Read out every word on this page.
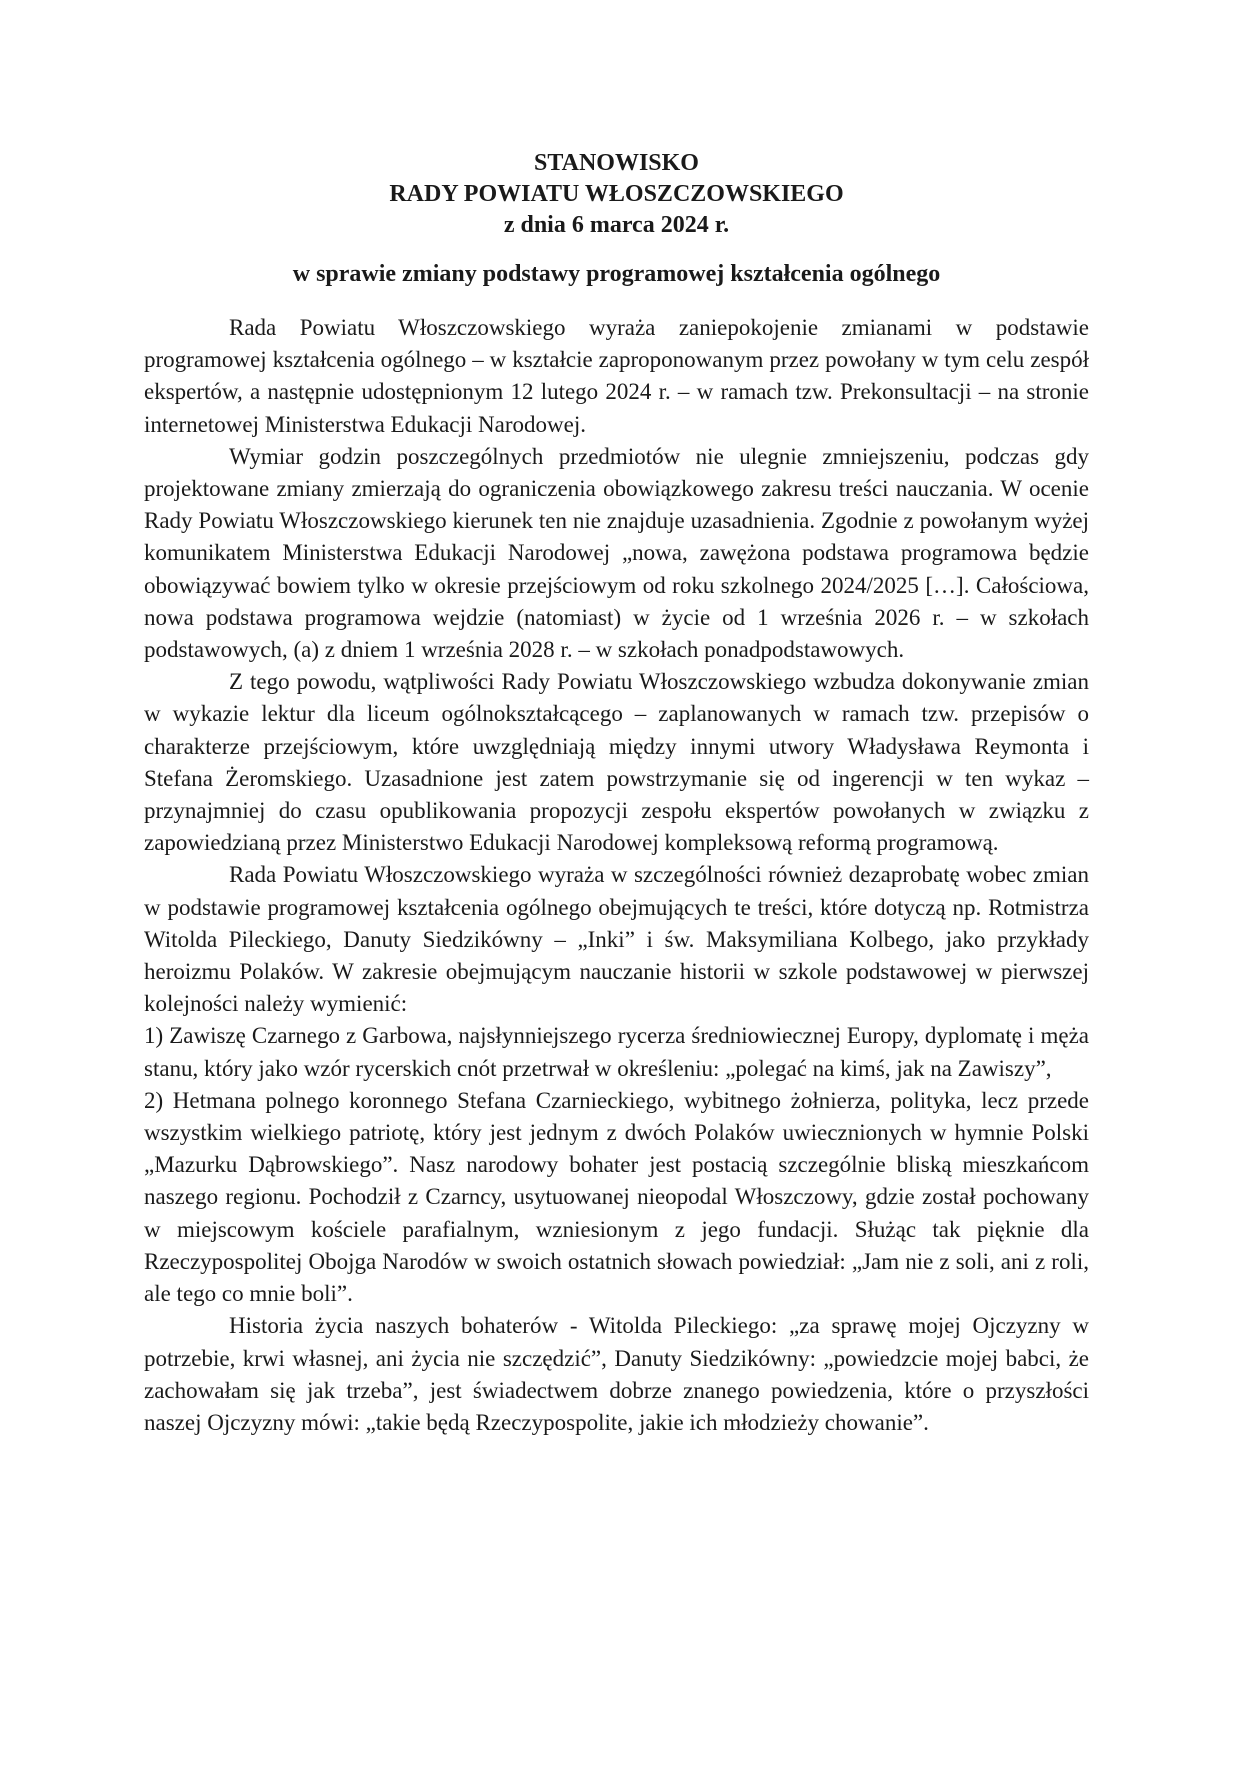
STANOWISKO

RADY POWIATU WŁOSZCZOWSKIEGO

z dnia 6 marca 2024 r.

w sprawie zmiany podstawy programowej kształcenia ogólnego

Rada Powiatu Włoszczowskiego wyraża zaniepokojenie zmianami w podstawie programowej kształcenia ogólnego – w kształcie zaproponowanym przez powołany w tym celu zespół ekspertów, a następnie udostępnionym 12 lutego 2024 r. – w ramach tzw. Prekonsultacji – na stronie internetowej Ministerstwa Edukacji Narodowej.

Wymiar godzin poszczególnych przedmiotów nie ulegnie zmniejszeniu, podczas gdy projektowane zmiany zmierzają do ograniczenia obowiązkowego zakresu treści nauczania. W ocenie Rady Powiatu Włoszczowskiego kierunek ten nie znajduje uzasadnienia. Zgodnie z powołanym wyżej komunikatem Ministerstwa Edukacji Narodowej „nowa, zawężona podstawa programowa będzie obowiązywać bowiem tylko w okresie przejściowym od roku szkolnego 2024/2025 […]. Całościowa, nowa podstawa programowa wejdzie (natomiast) w życie od 1 września 2026 r. – w szkołach podstawowych, (a) z dniem 1 września 2028 r. – w szkołach ponadpodstawowych.

Z tego powodu, wątpliwości Rady Powiatu Włoszczowskiego wzbudza dokonywanie zmian w wykazie lektur dla liceum ogólnokształcącego – zaplanowanych w ramach tzw. przepisów o charakterze przejściowym, które uwzględniają między innymi utwory Władysława Reymonta i Stefana Żeromskiego. Uzasadnione jest zatem powstrzymanie się od ingerencji w ten wykaz – przynajmniej do czasu opublikowania propozycji zespołu ekspertów powołanych w związku z zapowiedzianą przez Ministerstwo Edukacji Narodowej kompleksową reformą programową.

Rada Powiatu Włoszczowskiego wyraża w szczególności również dezaprobatę wobec zmian w podstawie programowej kształcenia ogólnego obejmujących te treści, które dotyczą np. Rotmistrza Witolda Pileckiego, Danuty Siedzikówny – „Inki” i św. Maksymiliana Kolbego, jako przykłady heroizmu Polaków. W zakresie obejmującym nauczanie historii w szkole podstawowej w pierwszej kolejności należy wymienić:

1) Zawiszę Czarnego z Garbowa, najsłynniejszego rycerza średniowiecznej Europy, dyplomatę i męża stanu, który jako wzór rycerskich cnót przetrwał w określeniu: „polegać na kimś, jak na Zawiszy”,

2) Hetmana polnego koronnego Stefana Czarnieckiego, wybitnego żołnierza, polityka, lecz przede wszystkim wielkiego patriotę, który jest jednym z dwóch Polaków uwiecznionych w hymnie Polski „Mazurku Dąbrowskiego”. Nasz narodowy bohater jest postacią szczególnie bliską mieszkańcom naszego regionu. Pochodził z Czarncy, usytuowanej nieopodal Włoszczowy, gdzie został pochowany w miejscowym kościele parafialnym, wzniesionym z jego fundacji. Służąc tak pięknie dla Rzeczypospolitej Obojga Narodów w swoich ostatnich słowach powiedział: „Jam nie z soli, ani z roli, ale tego co mnie boli”.

Historia życia naszych bohaterów - Witolda Pileckiego: „za sprawę mojej Ojczyzny w potrzebie, krwi własnej, ani życia nie szczędzić”, Danuty Siedzikówny: „powiedzcie mojej babci, że zachowałam się jak trzeba”, jest świadectwem dobrze znanego powiedzenia, które o przyszłości naszej Ojczyzny mówi: „takie będą Rzeczypospolite, jakie ich młodzieży chowanie”.
